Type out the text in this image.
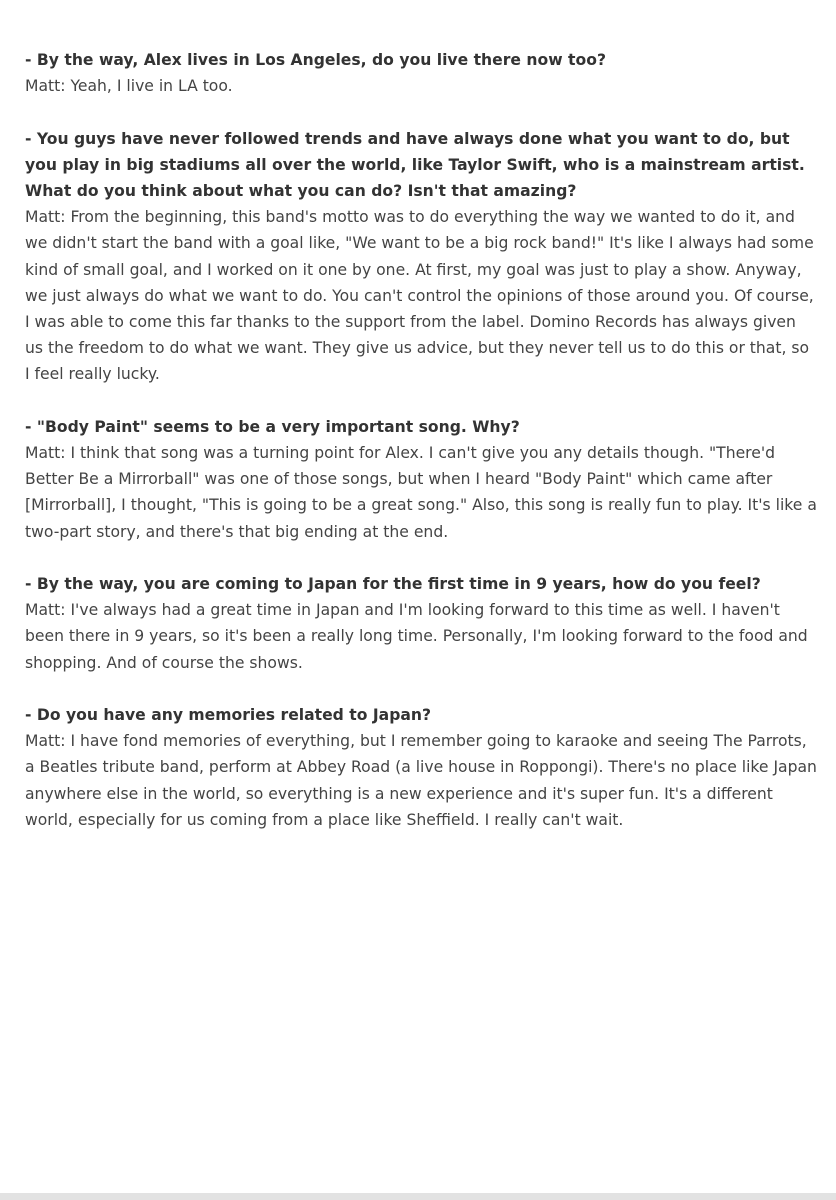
- By the way, Alex lives in Los Angeles, do you live there now too?

Matt: Yeah, I live in LA too.

- You guys have never followed trends and have always done what you want to do, but you play in big stadiums all over the world, like Taylor Swift, who is a mainstream artist. What do you think about what you can do? Isn't that amazing?

Matt: From the beginning, this band's motto was to do everything the way we wanted to do it, and we didn't start the band with a goal like, "We want to be a big rock band!" It's like I always had some kind of small goal, and I worked on it one by one. At first, my goal was just to play a show. Anyway, we just always do what we want to do. You can't control the opinions of those around you. Of course, I was able to come this far thanks to the support from the label. Domino Records has always given us the freedom to do what we want. They give us advice, but they never tell us to do this or that, so I feel really lucky.

- "Body Paint" seems to be a very important song. Why?

Matt: I think that song was a turning point for Alex. I can't give you any details though. "There'd Better Be a Mirrorball" was one of those songs, but when I heard "Body Paint" which came after [Mirrorball], I thought, "This is going to be a great song." Also, this song is really fun to play. It's like a two-part story, and there's that big ending at the end.

- By the way, you are coming to Japan for the first time in 9 years, how do you feel?

Matt: I've always had a great time in Japan and I'm looking forward to this time as well. I haven't been there in 9 years, so it's been a really long time. Personally, I'm looking forward to the food and shopping. And of course the shows.

- Do you have any memories related to Japan?

Matt: I have fond memories of everything, but I remember going to karaoke and seeing The Parrots, a Beatles tribute band, perform at Abbey Road (a live house in Roppongi). There's no place like Japan anywhere else in the world, so everything is a new experience and it's super fun. It's a different world, especially for us coming from a place like Sheffield. I really can't wait.
